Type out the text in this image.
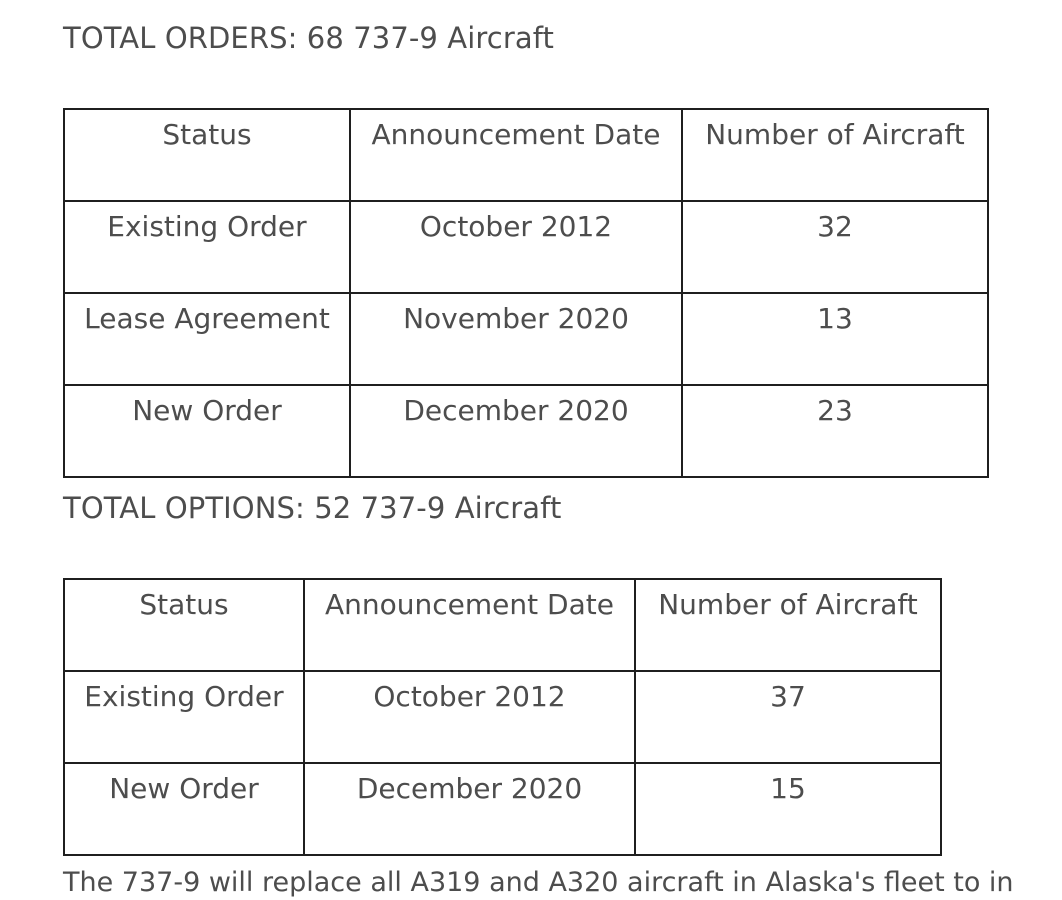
TOTAL ORDERS: 68 737-9 Aircraft
Status	Announcement Date	Number of Aircraft

Existing Order	October 2012	32

Lease Agreement	November 2020	13

New Order	December 2020	23
TOTAL OPTIONS: 52 737-9 Aircraft
Status	Announcement Date	Number of Aircraft

Existing Order	October 2012	37

New Order	December 2020	15
The 737-9 will replace all A319 and A320 aircraft in Alaska's fleet to in
